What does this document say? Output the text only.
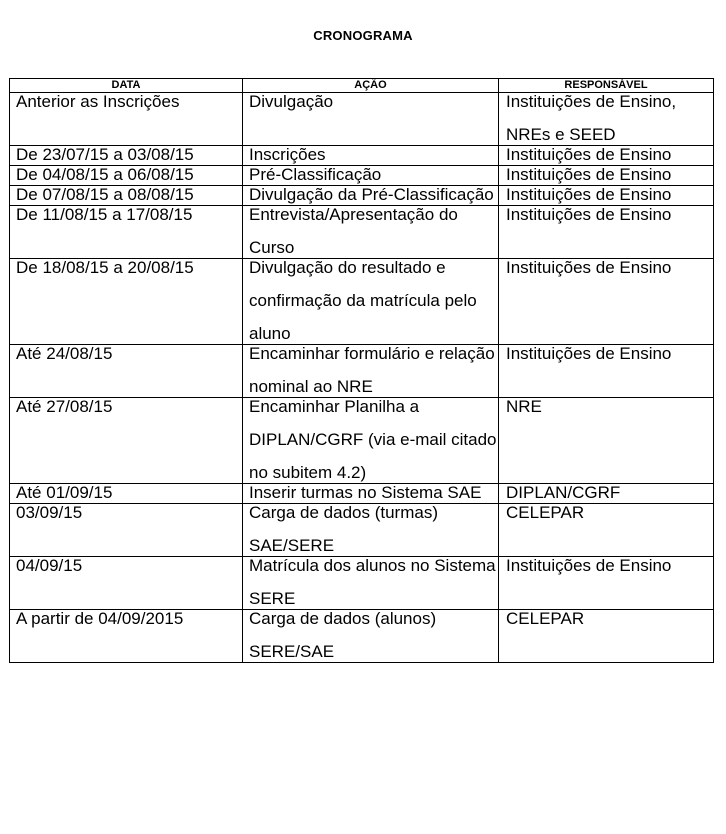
CRONOGRAMA
DATA	AÇÃO	RESPONSÁVEL

Anterior as Inscrições	Divulgação	Instituições de Ensino, NREs e SEED

De 23/07/15 a 03/08/15	Inscrições	Instituições de Ensino

De 04/08/15 a 06/08/15	Pré-Classificação	Instituições de Ensino

De 07/08/15 a 08/08/15	Divulgação da Pré-Classificação	Instituições de Ensino

De 11/08/15 a 17/08/15	Entrevista/Apresentação do Curso	Instituições de Ensino

De 18/08/15 a 20/08/15	Divulgação do resultado e confirmação da matrícula pelo aluno	Instituições de Ensino

Até 24/08/15	Encaminhar formulário e relação nominal ao NRE	Instituições de Ensino

Até 27/08/15	Encaminhar Planilha a DIPLAN/CGRF (via e-mail citado no subitem 4.2)	NRE

Até 01/09/15	Inserir turmas no Sistema SAE	DIPLAN/CGRF

03/09/15	Carga de dados (turmas) SAE/SERE	CELEPAR

04/09/15	Matrícula dos alunos no Sistema SERE	Instituições de Ensino

A partir de 04/09/2015	Carga de dados (alunos) SERE/SAE	CELEPAR
